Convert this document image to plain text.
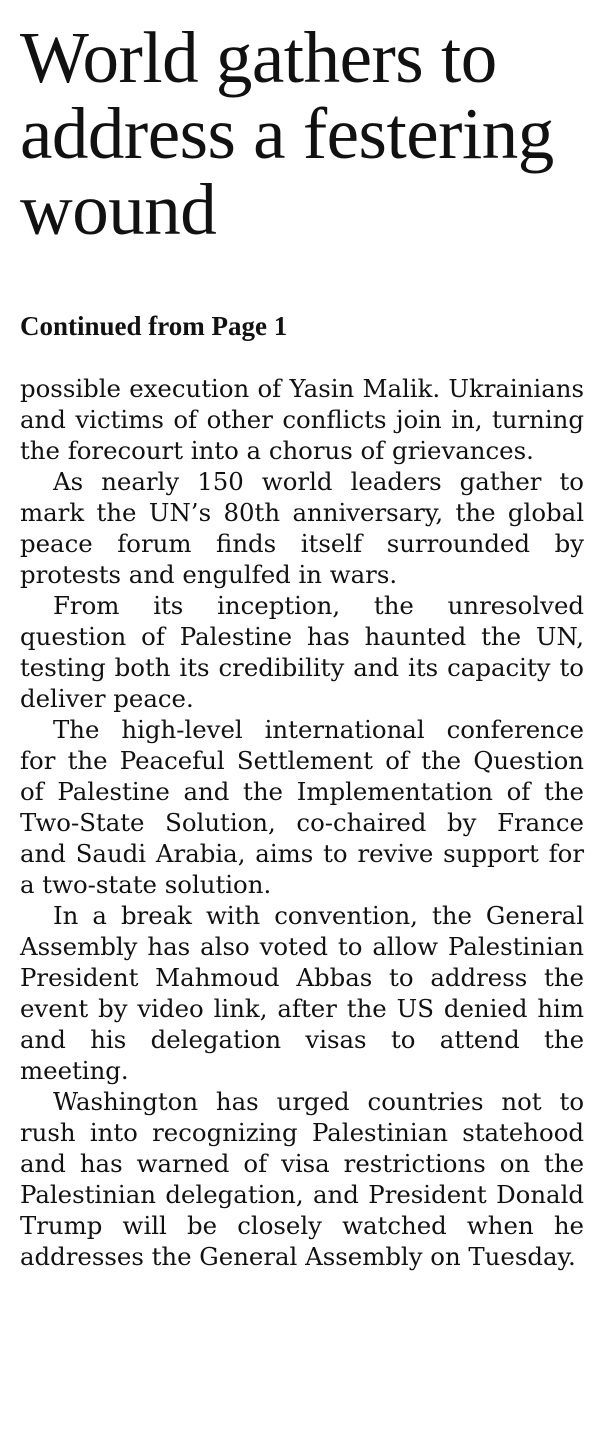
World gathers to address a festering wound
Continued from Page 1

possible execution of Yasin Malik. Ukrainians and victims of other conflicts join in, turning the forecourt into a chorus of grievances.

As nearly 150 world leaders gather to mark the UN’s 80th anniversary, the global peace forum finds itself surrounded by protests and engulfed in wars.

From its inception, the unresolved question of Palestine has haunted the UN, testing both its credibility and its capacity to deliver peace.

The high-level international conference for the Peaceful Settlement of the Question of Palestine and the Implementation of the Two-State Solution, co-chaired by France and Saudi Arabia, aims to revive support for a two-state solution.

In a break with convention, the General Assembly has also voted to allow Palestinian President Mahmoud Abbas to address the event by video link, after the US denied him and his delegation visas to attend the meeting.

Washington has urged countries not to rush into recognizing Palestinian statehood and has warned of visa restrictions on the Palestinian delegation, and President Donald Trump will be closely watched when he addresses the General Assembly on Tuesday.
